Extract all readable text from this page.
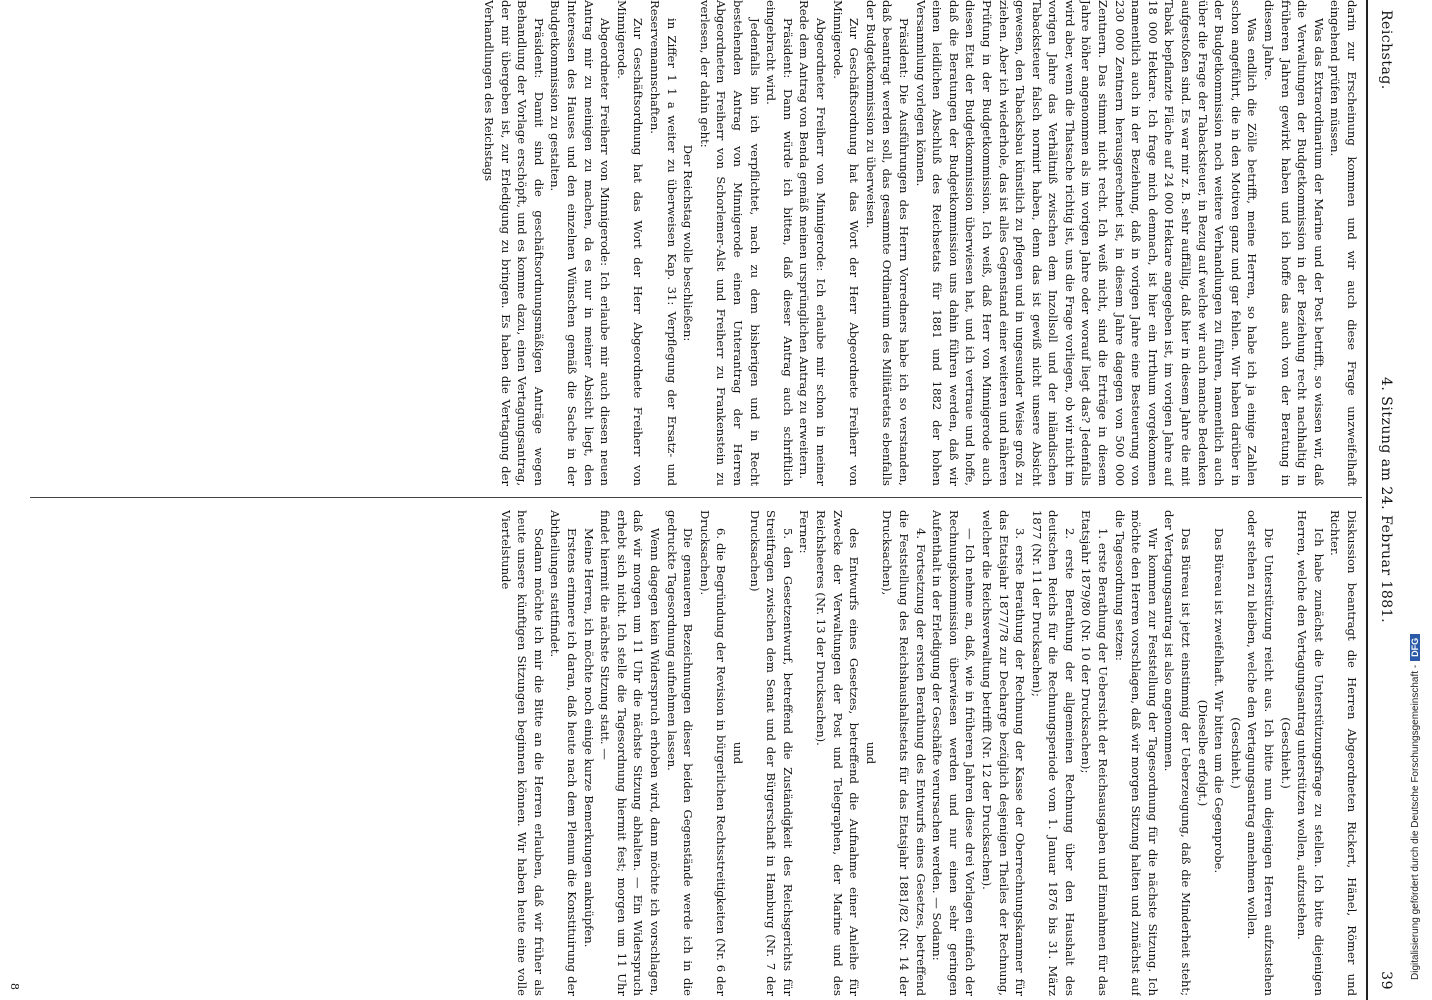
Reichstag.
4. Sitzung am 24. Februar 1881.
39

darin zur Erscheinung kommen und wir auch diese Frage unzweifelhaft eingehend prüfen müssen.

Was das Extraordinarium der Marine und der Post betrifft, so wissen wir, daß die Verwaltungen der Budgetkommission in der Beziehung recht nachhaltig in früheren Jahren gewirkt haben und ich hoffe das auch von der Beratung in diesem Jahre.

Was endlich die Zölle betrifft, meine Herren, so habe ich ja einige Zahlen schon angeführt, die in den Motiven ganz und gar fehlen. Wir haben darüber in der Budgetkommission noch weitere Verhandlungen zu führen, namentlich auch über die Frage der Tabacksteuer, in Bezug auf welche wir auch manche Bedenken aufgestoßen sind. Es war mir z. B. sehr auffällig, daß hier in diesem Jahre die mit Tabak bepflanzte Fläche auf 24 000 Hektare angegeben ist, im vorigen Jahre auf 18 000 Hektare. Ich frage mich demnach, ist hier ein Irrthum vorgekommen namentlich auch in der Beziehung, daß in vorigen Jahre eine Besteuerung von 230 000 Zentnern herausgerechnet ist, in diesem Jahre dagegen von 500 000 Zentnern. Das stimmt nicht recht. Ich weiß nicht, sind die Erträge in diesem Jahre höher angenommen als im vorigen Jahre oder worauf liegt das? Jedenfalls wird aber, wenn die Thatsache richtig ist, uns die Frage vorliegen, ob wir nicht im vorigen Jahre das Verhältniß zwischen dem Inzollsoll und der inländischen Tabacksteuer falsch normirt haben, denn das ist gewiß nicht unsere Absicht gewesen, den Tabacksbau künstlich zu pflegen und in ungesunder Weise groß zu ziehen. Aber ich wiederhole, das ist alles Gegenstand einer weiteren und näheren Prüfung in der Budgetkommission. Ich weiß, daß Herr von Minnigerode auch diesen Etat der Budgetkommission überwiesen hat, und ich vertraue und hoffe, daß die Beratungen der Budgetkommission uns dahin führen werden, daß wir einen leidlichen Abschluß des Reichsetats für 1881 und 1882 der hohen Versammlung vorlegen können.

Präsident: Die Ausführungen des Herrn Vorredners habe ich so verstanden, daß beantragt werden soll, das gesammte Ordinarium des Militäretats ebenfalls der Budgetkommission zu überweisen.

Zur Geschäftsordnung hat das Wort der Herr Abgeordnete Freiherr von Minnigerode.

Abgeordneter Freiherr von Minnigerode: Ich erlaube mir schon in meiner Rede dem Antrag von Benda gemäß meinen ursprünglichen Antrag zu erweitern.

Präsident: Dann würde ich bitten, daß dieser Antrag auch schriftlich eingebracht wird.

Jedenfalls bin ich verpflichtet, nach zu dem bisherigen und in Recht bestehenden Antrag von Minnigerode einen Unterantrag der Herren Abgeordneten Freiherr von Schorlemer-Alst und Freiherr zu Frankenstein zu verlesen, der dahin geht:

Der Reichstag wolle beschließen:

in Ziffer 1 1 a weiter zu überweisen Kap. 31: Verpflegung der Ersatz- und Reservemannschaften.

Zur Geschäftsordnung hat das Wort der Herr Abgeordnete Freiherr von Minnigerode.

Abgeordneter Freiherr von Minnigerode: Ich erlaube mir auch diesen neuen Antrag mir zu meinigen zu machen, da es nur in meiner Absicht liegt, den Interessen des Hauses und den einzelnen Wünschen gemäß die Sache in der Budgetkommission zu gestalten.

Präsident: Damit sind die geschäftsordnungsmäßigen Anträge wegen Behandlung der Vorlage erschöpft, und es komme dazu, einen Vertagungsantrag, der mir übergeben ist, zur Erledigung zu bringen. Es haben die Vertagung der Verhandlungen des Reichstags

Diskussion beantragt die Herren Abgeordneten Rickert, Hänel, Römer und Richter.

Ich habe zunächst die Unterstützungsfrage zu stellen. Ich bitte diejenigen Herren, welche den Vertagungsantrag unterstützen wollen, aufzustehen.

(Geschieht.)

Die Unterstützung reicht aus. Ich bitte nun diejenigen Herren aufzustehen oder stehen zu bleiben, welche den Vertagungsantrag annehmen wollen.

(Geschieht.)

Das Büreau ist zweifelhaft. Wir bitten um die Gegenprobe.

(Dieselbe erfolgt.)

Das Büreau ist jetzt einstimmig der Ueberzeugung, daß die Minderheit steht; der Vertagungsantrag ist also angenommen.

Wir kommen zur Feststellung der Tagesordnung für die nächste Sitzung. Ich möchte den Herren vorschlagen, daß wir morgen Sitzung halten und zunächst auf die Tagesordnung setzen:

1. erste Berathung der Uebersicht der Reichsausgaben und Einnahmen für das Etatsjahr 1879/80 (Nr. 10 der Drucksachen);

2. erste Berathung der allgemeinen Rechnung über den Haushalt des deutschen Reichs für die Rechnungsperiode vom 1. Januar 1876 bis 31. März 1877 (Nr. 11 der Drucksachen);

3. erste Berathung der Rechnung der Kasse der Oberrechnungskammer für das Etatsjahr 1877/78 zur Decharge bezüglich desjenigen Theiles der Rechnung, welcher die Reichsverwaltung betrifft (Nr. 12 der Drucksachen).

— Ich nehme an, daß, wie in früheren Jahren diese drei Vorlagen einfach der Rechnungskommission überwiesen werden und nur einen sehr geringen Aufenthalt in der Erledigung der Geschäfte verursachen werden. — Sodann:

4. Fortsetzung der ersten Berathung des Entwurfs eines Gesetzes, betreffend die Feststellung des Reichshaushaltsetats für das Etatsjahr 1881/82 (Nr. 14 der Drucksachen),

und

des Entwurfs eines Gesetzes, betreffend die Aufnahme einer Anleihe für Zwecke der Verwaltungen der Post und Telegraphen, der Marine und des Reichsheeres (Nr. 13 der Drucksachen).

Ferner:

5. den Gesetzentwurf, betreffend die Zuständigkeit des Reichsgerichts für Streitfragen zwischen dem Senat und der Bürgerschaft in Hamburg (Nr. 7 der Drucksachen)

und

6. die Begründung der Revision in bürgerlichen Rechtsstreitigkeiten (Nr. 6 der Drucksachen).

Die genaueren Bezeichnungen dieser beiden Gegenstände werde ich in die gedruckte Tagesordnung aufnehmen lassen.

Wenn dagegen kein Widerspruch erhoben wird, dann möchte ich vorschlagen, daß wir morgen um 11 Uhr die nächste Sitzung abhalten. — Ein Widerspruch erhebt sich nicht. Ich stelle die Tagesordnung hiermit fest; morgen um 11 Uhr findet hiermit die nächste Sitzung statt. —

Meine Herren, ich möchte noch einige kurze Bemerkungen anknüpfen.

Erstens erinnere ich daran, daß heute nach dem Plenum die Konstituirung der Abtheilungen stattfindet.

Sodann möchte ich mir die Bitte an die Herren erlauben, daß wir früher als heute unsere künftigen Sitzungen beginnen können. Wir haben heute eine volle Viertelstunde

8
Digitalisierung gefördert durch die Deutsche Forschungsgemeinschaft -DFG
